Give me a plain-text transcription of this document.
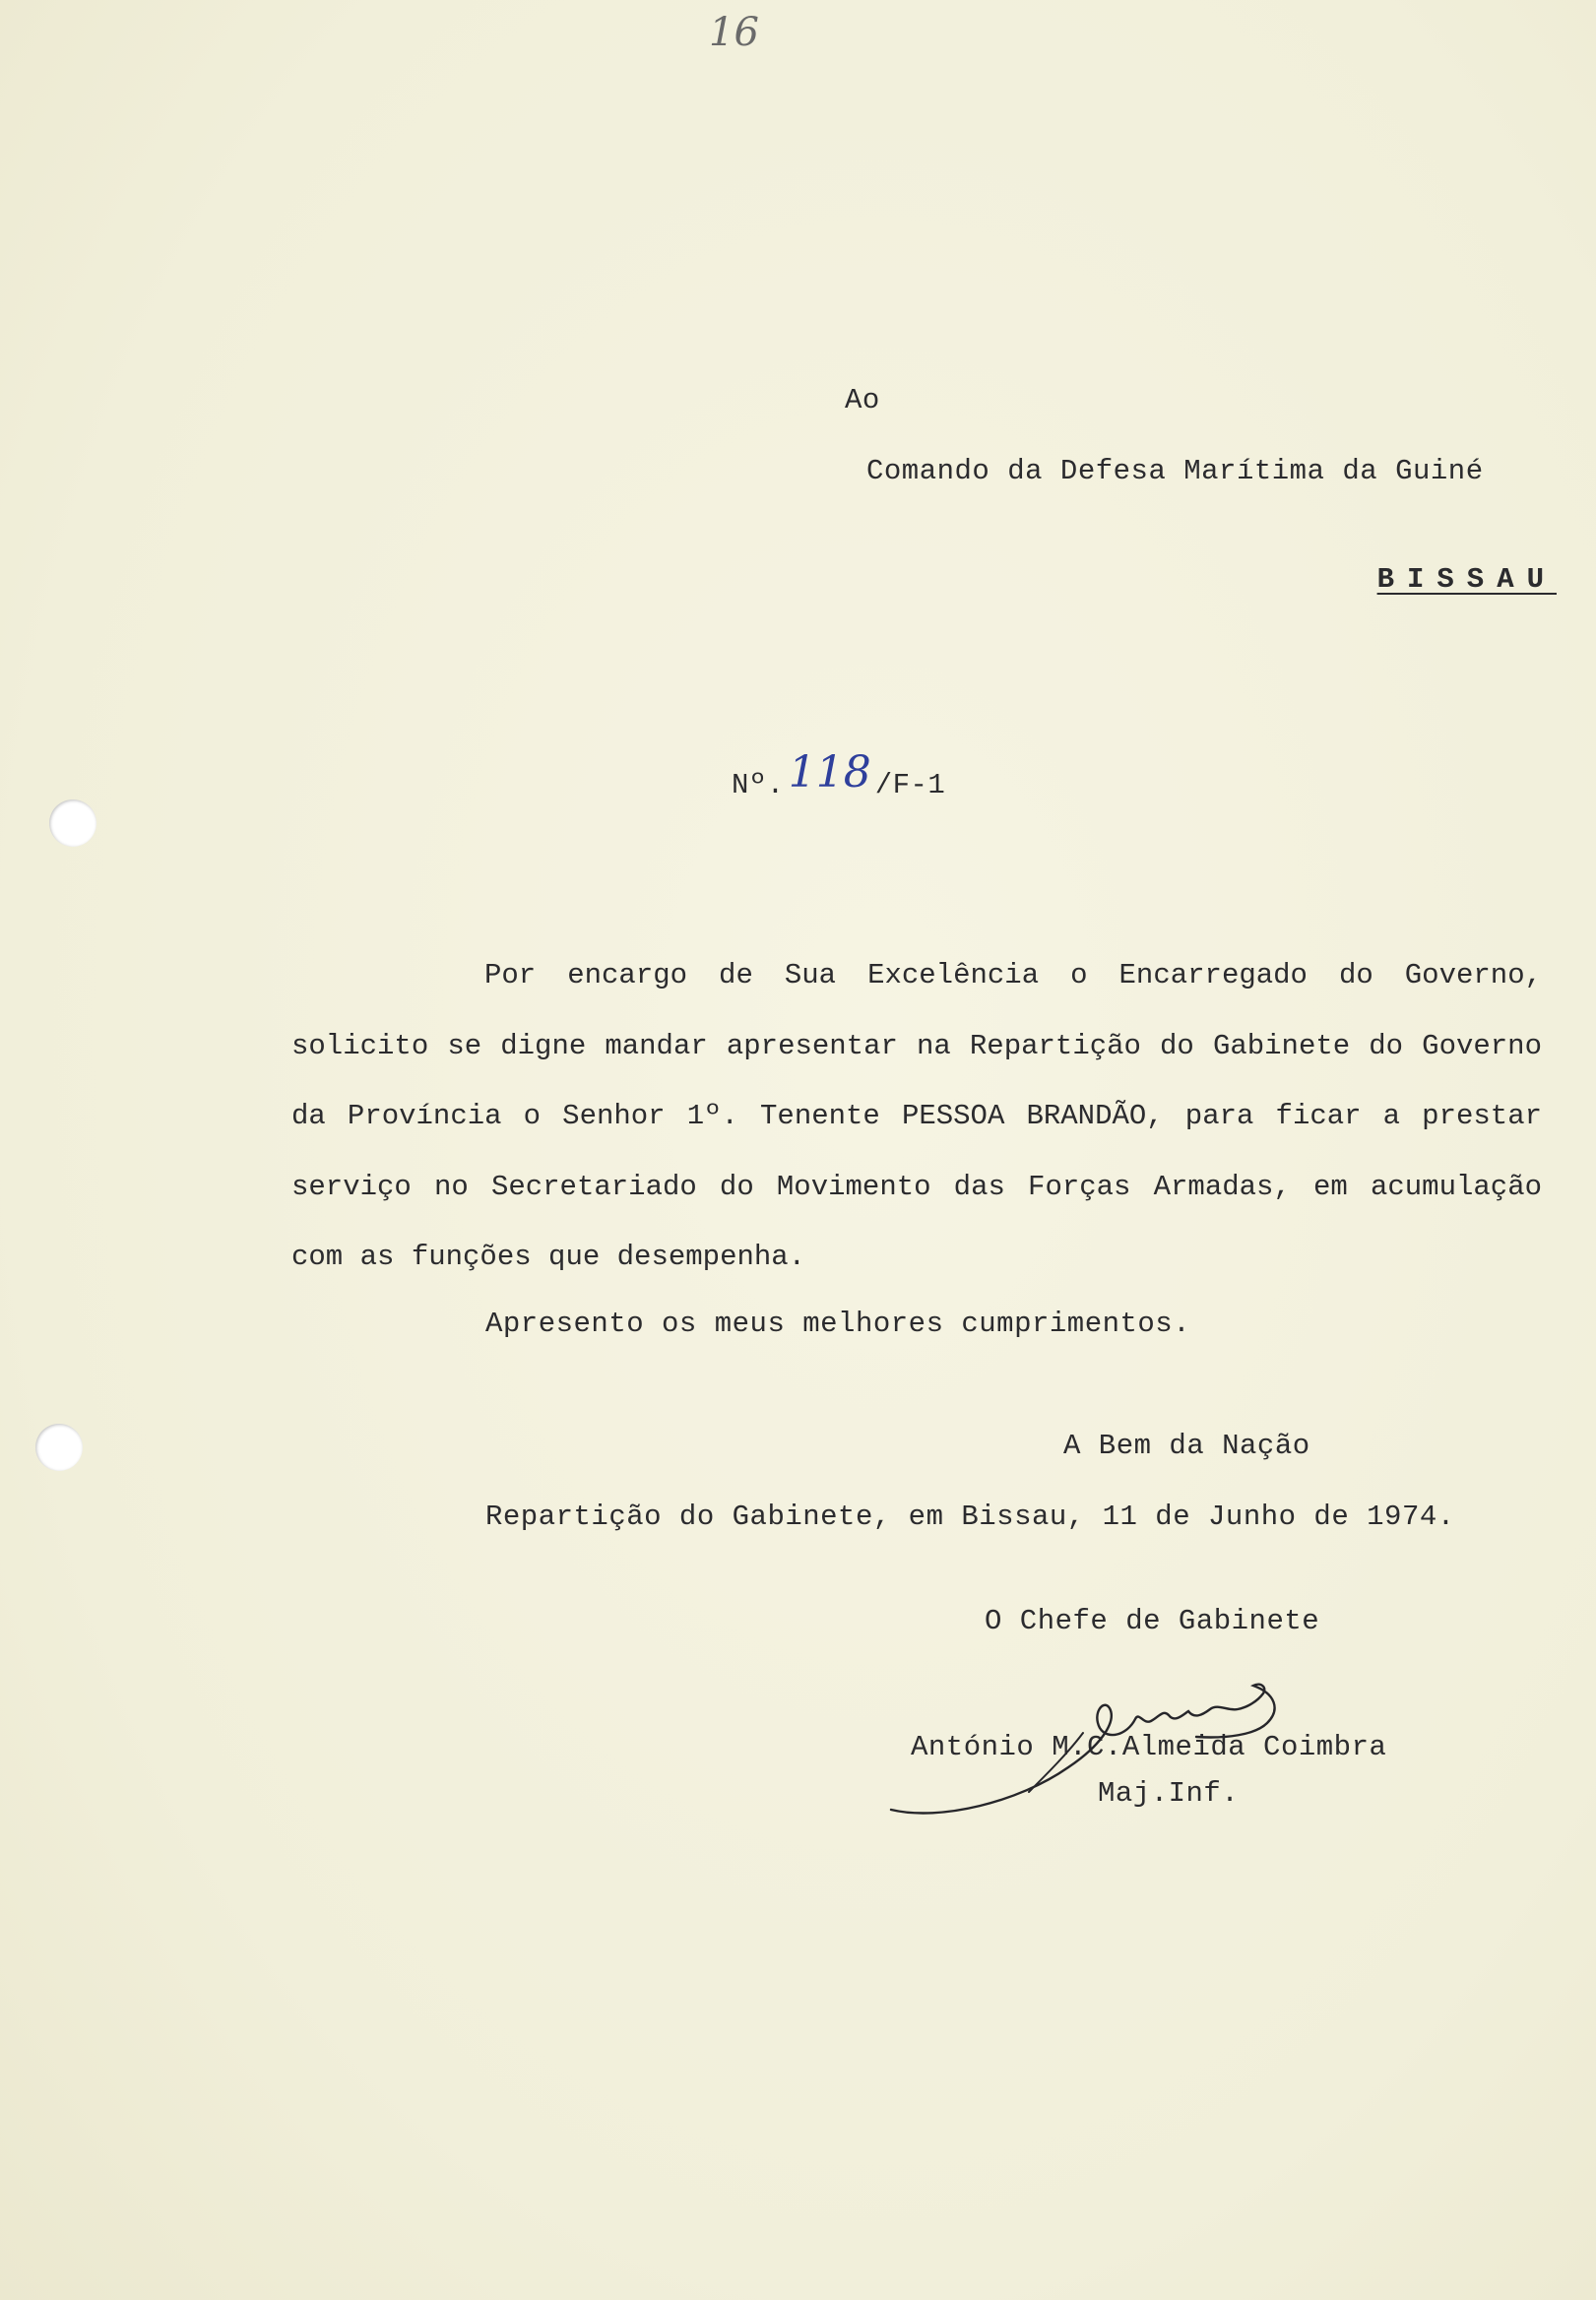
16
Ao
Comando da Defesa Marítima da Guiné
BISSAU
Nº.118 /F-1

Por encargo de Sua Excelência o Encarregado do Governo, solicito se digne mandar apresentar na Repartição do Gabinete do Governo da Província o Senhor 1º. Tenente PESSOA BRANDÃO, para ficar a prestar serviço no Secretariado do Movimento das Forças Armadas, em acumulação com as funções que desempenha.

Apresento os meus melhores cumprimentos.
A Bem da Nação
Repartição do Gabinete, em Bissau, 11 de Junho de 1974.
O Chefe de Gabinete
António M.C.Almeida Coimbra
Maj.Inf.
